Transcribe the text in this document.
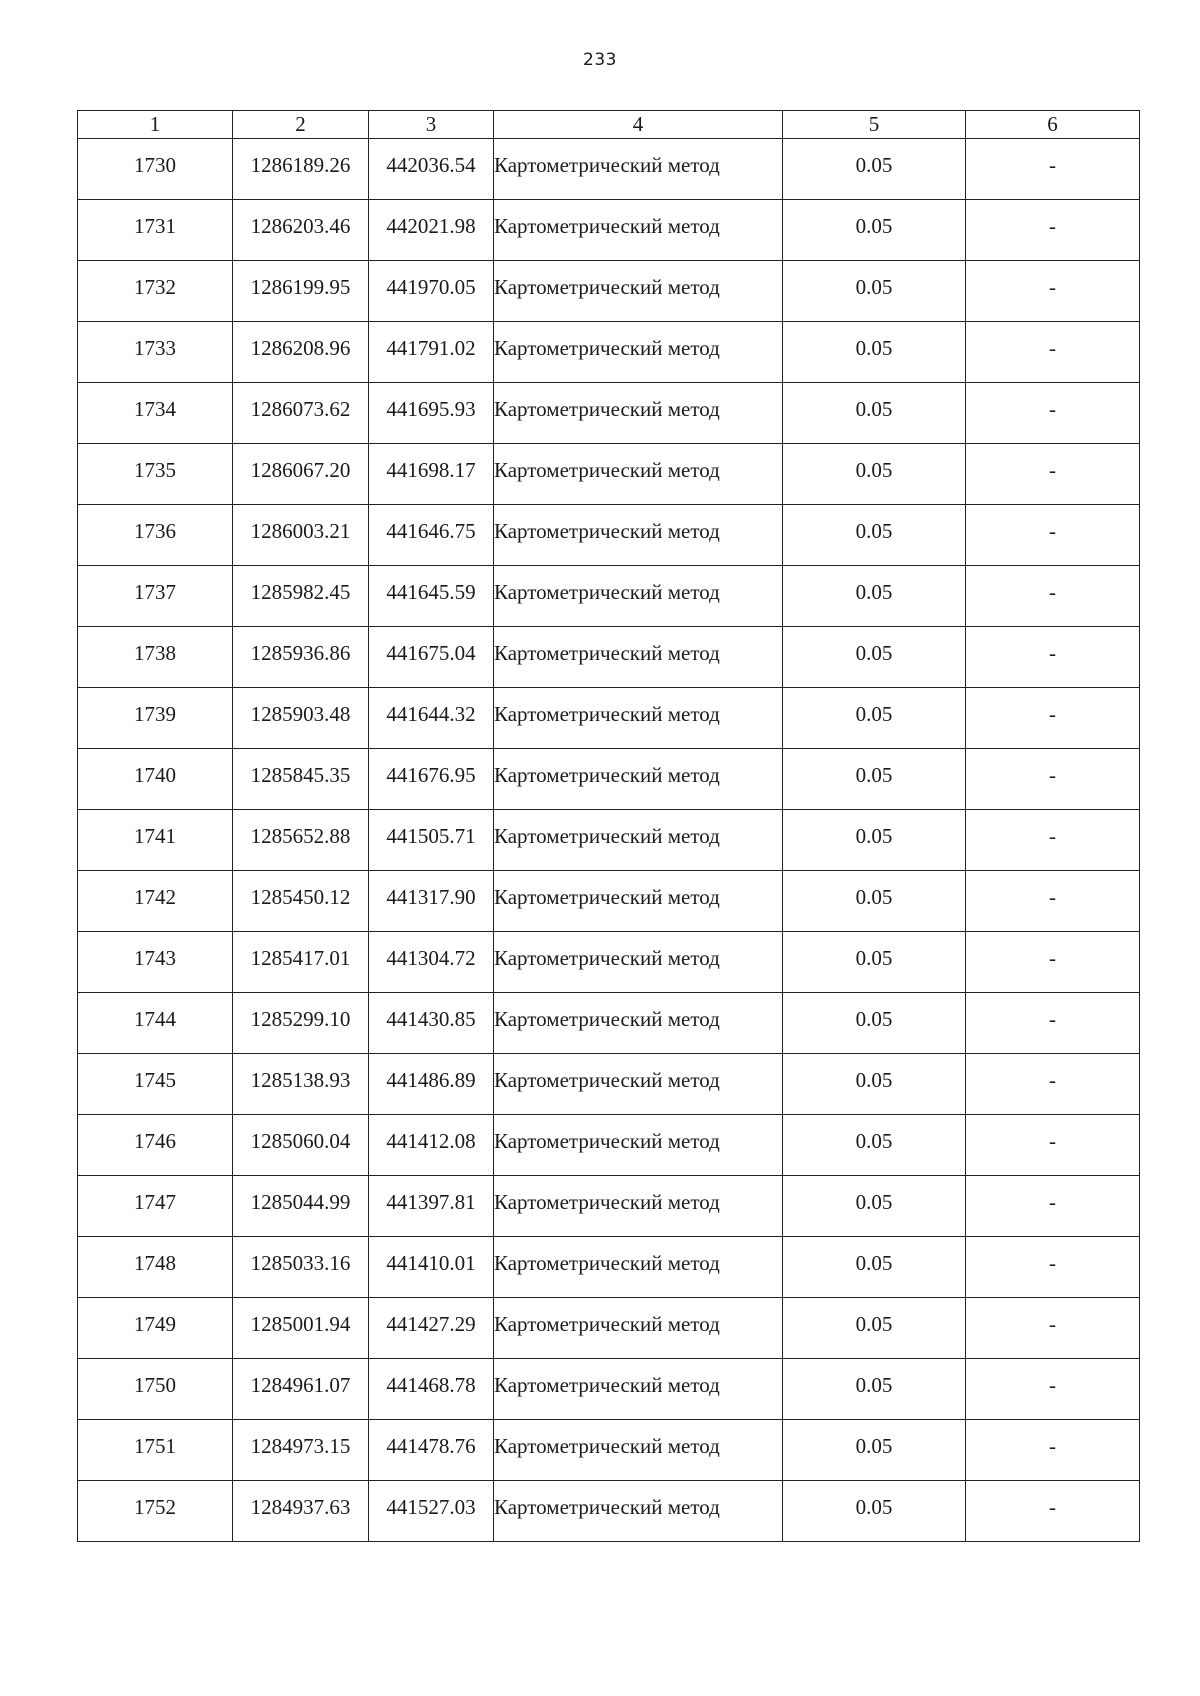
233
1	2	3	4	5	6
1730	1286189.26	442036.54	Картометрический метод	0.05	-
1731	1286203.46	442021.98	Картометрический метод	0.05	-
1732	1286199.95	441970.05	Картометрический метод	0.05	-
1733	1286208.96	441791.02	Картометрический метод	0.05	-
1734	1286073.62	441695.93	Картометрический метод	0.05	-
1735	1286067.20	441698.17	Картометрический метод	0.05	-
1736	1286003.21	441646.75	Картометрический метод	0.05	-
1737	1285982.45	441645.59	Картометрический метод	0.05	-
1738	1285936.86	441675.04	Картометрический метод	0.05	-
1739	1285903.48	441644.32	Картометрический метод	0.05	-
1740	1285845.35	441676.95	Картометрический метод	0.05	-
1741	1285652.88	441505.71	Картометрический метод	0.05	-
1742	1285450.12	441317.90	Картометрический метод	0.05	-
1743	1285417.01	441304.72	Картометрический метод	0.05	-
1744	1285299.10	441430.85	Картометрический метод	0.05	-
1745	1285138.93	441486.89	Картометрический метод	0.05	-
1746	1285060.04	441412.08	Картометрический метод	0.05	-
1747	1285044.99	441397.81	Картометрический метод	0.05	-
1748	1285033.16	441410.01	Картометрический метод	0.05	-
1749	1285001.94	441427.29	Картометрический метод	0.05	-
1750	1284961.07	441468.78	Картометрический метод	0.05	-
1751	1284973.15	441478.76	Картометрический метод	0.05	-
1752	1284937.63	441527.03	Картометрический метод	0.05	-
